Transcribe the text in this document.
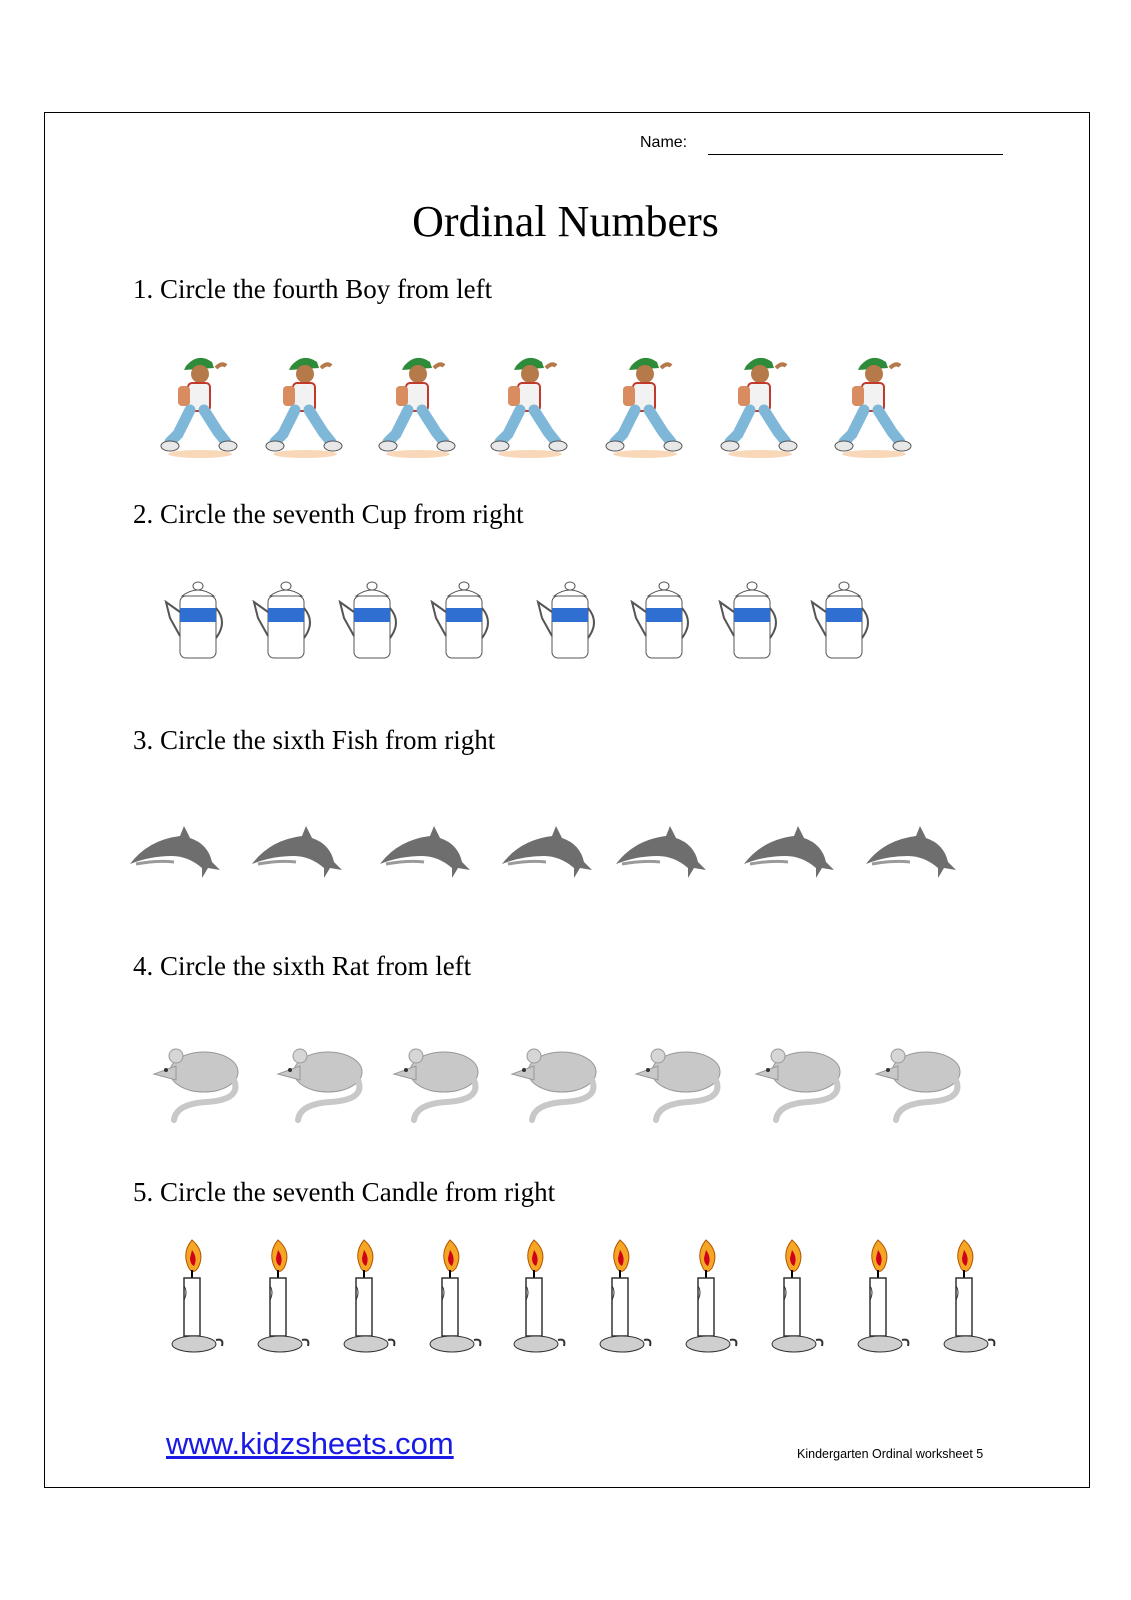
Name:
Ordinal Numbers
1. Circle the fourth Boy from left
2. Circle the seventh Cup from right
3. Circle the sixth Fish from right
4. Circle the sixth Rat from left
5. Circle the seventh Candle from right
www.kidzsheets.com	Kindergarten Ordinal worksheet 5
